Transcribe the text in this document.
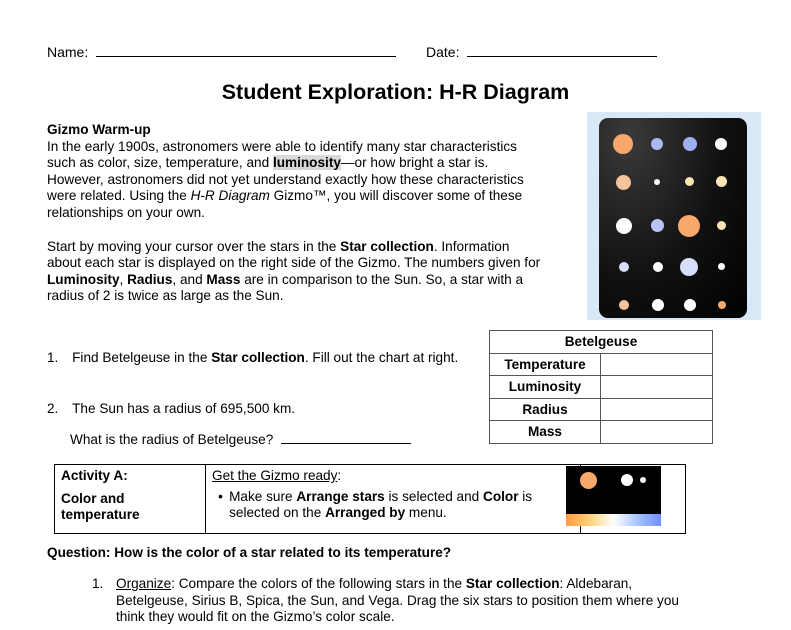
Name:	Date:
Student Exploration: H-R Diagram
Gizmo Warm-up
In the early 1900s, astronomers were able to identify many star characteristics such as color, size, temperature, and luminosity—or how bright a star is. However, astronomers did not yet understand exactly how these characteristics were related. Using the H-R Diagram Gizmo™, you will discover some of these relationships on your own.
Start by moving your cursor over the stars in the Star collection. Information about each star is displayed on the right side of the Gizmo. The numbers given for Luminosity, Radius, and Mass are in comparison to the Sun. So, a star with a radius of 2 is twice as large as the Sun.
1. Find Betelgeuse in the Star collection. Fill out the chart at right.
2. The Sun has a radius of 695,500 km.
What is the radius of Betelgeuse?
Betelgeuse	
Temperature	
Luminosity	
Radius	
Mass	
Activity A:
Color and temperature

Get the Gizmo ready:
• Make sure Arrange stars is selected and Color is selected on the Arranged by menu.

Question: How is the color of a star related to its temperature?
1. Organize: Compare the colors of the following stars in the Star collection: Aldebaran, Betelgeuse, Sirius B, Spica, the Sun, and Vega. Drag the six stars to position them where you think they would fit on the Gizmo’s color scale.
